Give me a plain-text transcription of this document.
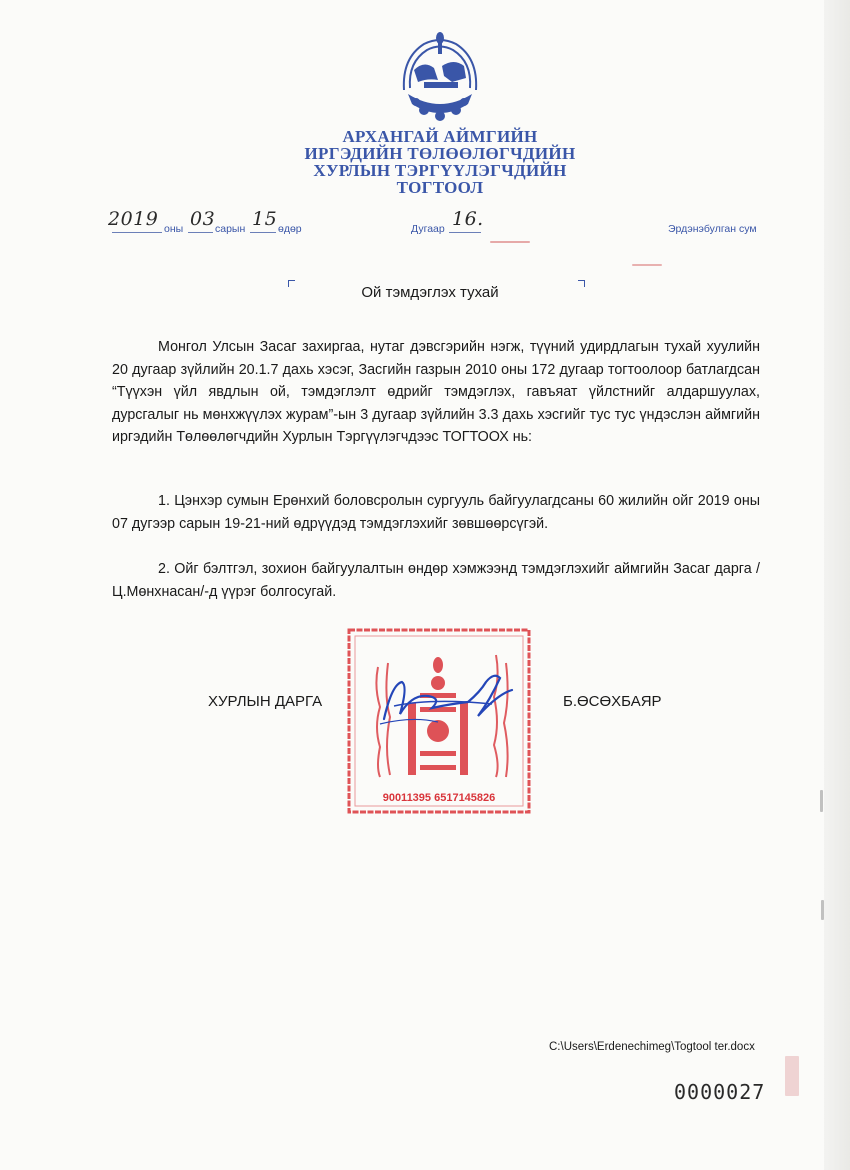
АРХАНГАЙ АЙМГИЙН
ИРГЭДИЙН ТӨЛӨӨЛӨГЧДИЙН
ХУРЛЫН ТЭРГҮҮЛЭГЧДИЙН
ТОГТООЛ
2019 оны 03 сарын 15 өдөр	Дугаар 16.	Эрдэнэбулган сум
Ой тэмдэглэх тухай
Монгол Улсын Засаг захиргаа, нутаг дэвсгэрийн нэгж, түүний удирдлагын тухай хуулийн 20 дугаар зүйлийн 20.1.7 дахь хэсэг, Засгийн газрын 2010 оны 172 дугаар тогтоолоор батлагдсан “Түүхэн үйл явдлын ой, тэмдэглэлт өдрийг тэмдэглэх, гавъяат үйлстнийг алдаршуулах, дурсгалыг нь мөнхжүүлэх журам”-ын 3 дугаар зүйлийн 3.3 дахь хэсгийг тус тус үндэслэн аймгийн иргэдийн Төлөөлөгчдийн Хурлын Тэргүүлэгчдээс ТОГТООХ нь:
1. Цэнхэр сумын Ерөнхий боловсролын сургууль байгуулагдсаны 60 жилийн ойг 2019 оны 07 дугээр сарын 19-21-ний өдрүүдэд тэмдэглэхийг зөвшөөрсүгэй.
2. Ойг бэлтгэл, зохион байгуулалтын өндөр хэмжээнд тэмдэглэхийг аймгийн Засаг дарга /Ц.Мөнхнасан/-д үүрэг болгосугай.
ХУРЛЫН ДАРГА	Б.ӨСӨХБАЯР
90011395 6517145826
C:\Users\Erdenechimeg\Togtool ter.docx
0000027
